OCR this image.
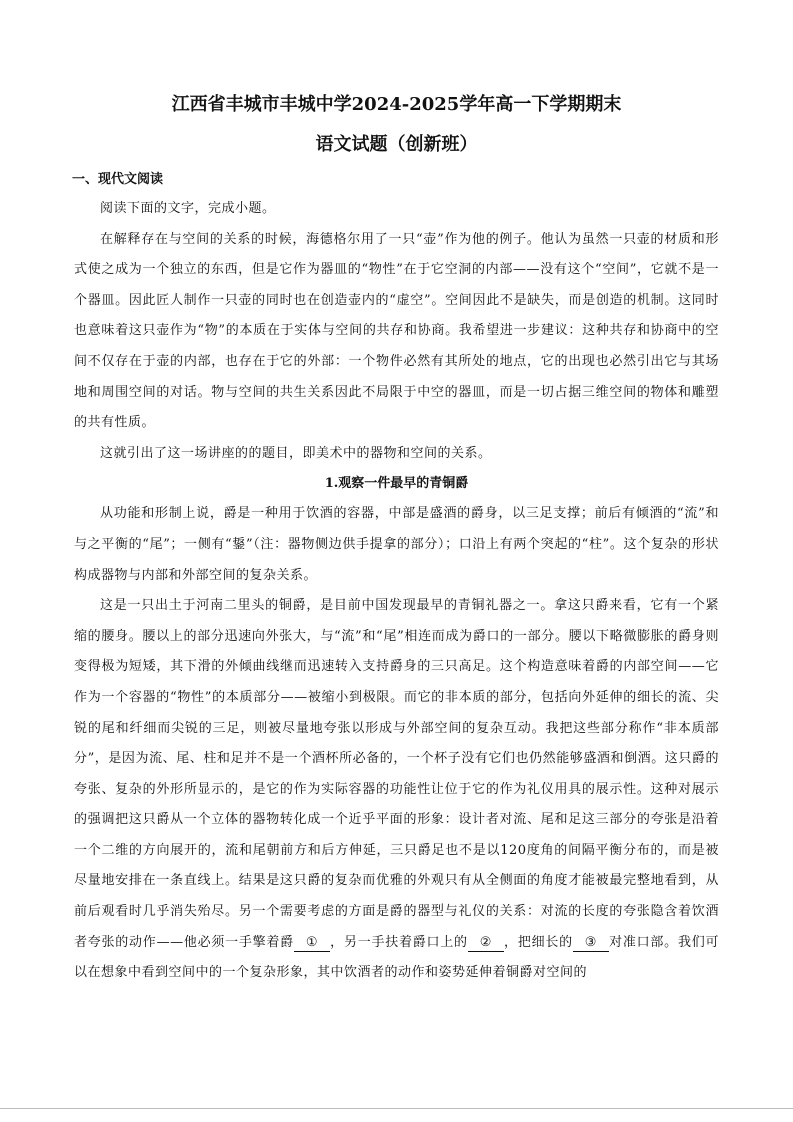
江西省丰城市丰城中学2024-2025学年高一下学期期末
语文试题（创新班）
一、现代文阅读

阅读下面的文字，完成小题。

在解释存在与空间的关系的时候，海德格尔用了一只“壶”作为他的例子。他认为虽然一只壶的材质和形式使之成为一个独立的东西，但是它作为器皿的“物性”在于它空洞的内部——没有这个“空间”，它就不是一个器皿。因此匠人制作一只壶的同时也在创造壶内的“虚空”。空间因此不是缺失，而是创造的机制。这同时也意味着这只壶作为“物”的本质在于实体与空间的共存和协商。我希望进一步建议：这种共存和协商中的空间不仅存在于壶的内部，也存在于它的外部：一个物件必然有其所处的地点，它的出现也必然引出它与其场地和周围空间的对话。物与空间的共生关系因此不局限于中空的器皿，而是一切占据三维空间的物体和雕塑的共有性质。

这就引出了这一场讲座的的题目，即美术中的器物和空间的关系。

1.观察一件最早的青铜爵

从功能和形制上说，爵是一种用于饮酒的容器，中部是盛酒的爵身，以三足支撑；前后有倾酒的“流”和与之平衡的“尾”；一侧有“鋬”（注：器物侧边供手提拿的部分）；口沿上有两个突起的“柱”。这个复杂的形状构成器物与内部和外部空间的复杂关系。

这是一只出土于河南二里头的铜爵，是目前中国发现最早的青铜礼器之一。拿这只爵来看，它有一个紧缩的腰身。腰以上的部分迅速向外张大，与“流”和“尾”相连而成为爵口的一部分。腰以下略微膨胀的爵身则变得极为短矮，其下滑的外倾曲线继而迅速转入支持爵身的三只高足。这个构造意味着爵的内部空间——它作为一个容器的“物性”的本质部分——被缩小到极限。而它的非本质的部分，包括向外延伸的细长的流、尖锐的尾和纤细而尖锐的三足，则被尽量地夸张以形成与外部空间的复杂互动。我把这些部分称作“非本质部分”，是因为流、尾、柱和足并不是一个酒杯所必备的，一个杯子没有它们也仍然能够盛酒和倒酒。这只爵的夸张、复杂的外形所显示的，是它的作为实际容器的功能性让位于它的作为礼仪用具的展示性。这种对展示的强调把这只爵从一个立体的器物转化成一个近乎平面的形象：设计者对流、尾和足这三部分的夸张是沿着一个二维的方向展开的，流和尾朝前方和后方伸延，三只爵足也不是以120度角的间隔平衡分布的，而是被尽量地安排在一条直线上。结果是这只爵的复杂而优雅的外观只有从全侧面的角度才能被最完整地看到，从前后观看时几乎消失殆尽。另一个需要考虑的方面是爵的器型与礼仪的关系：对流的长度的夸张隐含着饮酒者夸张的动作——他必须一手擎着爵 ① ，另一手扶着爵口上的 ② ，把细长的 ③ 对准口部。我们可以在想象中看到空间中的一个复杂形象，其中饮酒者的动作和姿势延伸着铜爵对空间的
